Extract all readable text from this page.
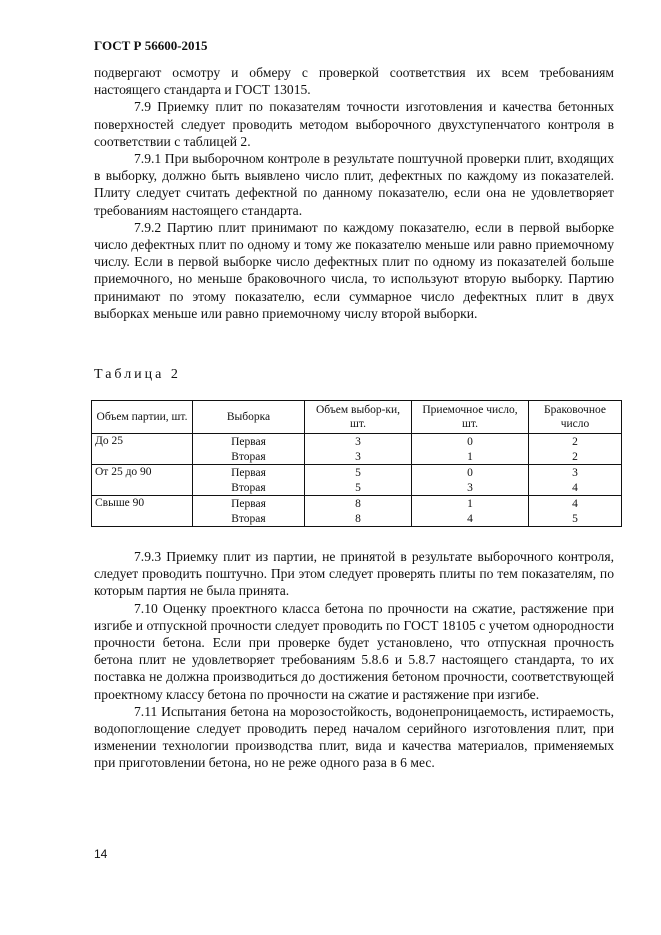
ГОСТ Р 56600-2015

подвергают осмотру и обмеру с проверкой соответствия их всем требованиям настоящего стандарта и ГОСТ 13015.

7.9 Приемку плит по показателям точности изготовления и качества бетонных поверхностей следует проводить методом выборочного двухступенчатого контроля в соответствии с таблицей 2.

7.9.1 При выборочном контроле в результате поштучной проверки плит, входящих в выборку, должно быть выявлено число плит, дефектных по каждому из показателей. Плиту следует считать дефектной по данному показателю, если она не удовлетворяет требованиям настоящего стандарта.

7.9.2 Партию плит принимают по каждому показателю, если в первой выборке число дефектных плит по одному и тому же показателю меньше или равно приемочному числу. Если в первой выборке число дефектных плит по одному из показателей больше приемочного, но меньше браковочного числа, то используют вторую выборку. Партию принимают по этому показателю, если суммарное число дефектных плит в двух выборках меньше или равно приемочному числу второй выборки.

Таблица 2
Объем партии, шт.	Выборка	Объем выбор-ки, шт.	Приемочное число, шт.	Браковочное число
До 25	Первая	3	0	2
	Вторая	3	1	2
От 25 до 90	Первая	5	0	3
	Вторая	5	3	4
Свыше 90	Первая	8	1	4
	Вторая	8	4	5

7.9.3 Приемку плит из партии, не принятой в результате выборочного контроля, следует проводить поштучно. При этом следует проверять плиты по тем показателям, по которым партия не была принята.

7.10 Оценку проектного класса бетона по прочности на сжатие, растяжение при изгибе и отпускной прочности следует проводить по ГОСТ 18105 с учетом однородности прочности бетона. Если при проверке будет установлено, что отпускная прочность бетона плит не удовлетворяет требованиям 5.8.6 и 5.8.7 настоящего стандарта, то их поставка не должна производиться до достижения бетоном прочности, соответствующей проектному классу бетона по прочности на сжатие и растяжение при изгибе.

7.11 Испытания бетона на морозостойкость, водонепроницаемость, истираемость, водопоглощение следует проводить перед началом серийного изготовления плит, при изменении технологии производства плит, вида и качества материалов, применяемых при приготовлении бетона, но не реже одного раза в 6 мес.

14
